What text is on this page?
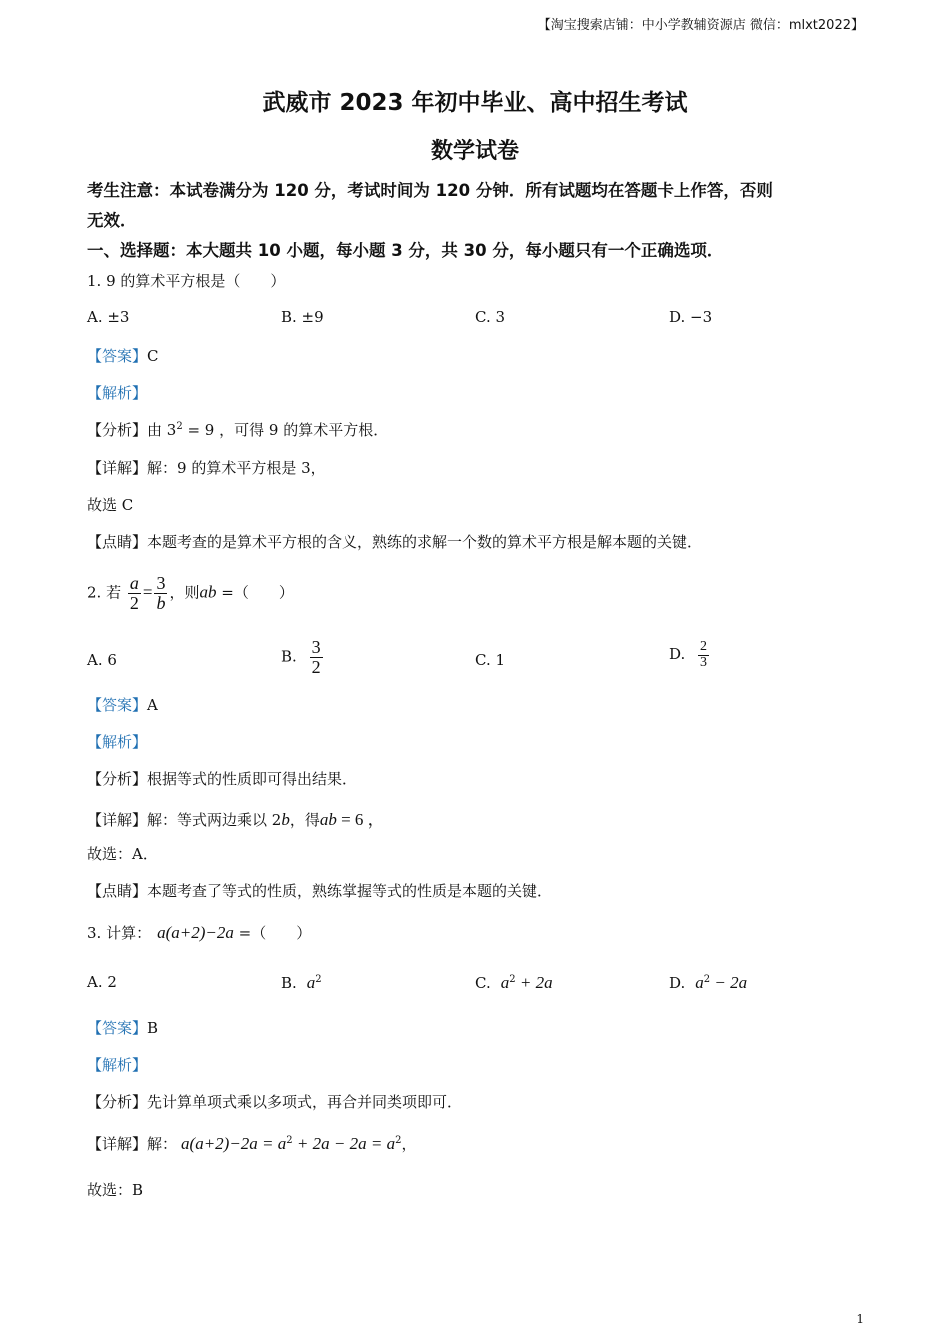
【淘宝搜索店铺：中小学教辅资源店 微信：mlxt2022】
武威市 2023 年初中毕业、高中招生考试
数学试卷
考生注意：本试卷满分为 120 分，考试时间为 120 分钟．所有试题均在答题卡上作答，否则
无效．
一、选择题：本大题共 10 小题，每小题 3 分，共 30 分，每小题只有一个正确选项．
1. 9 的算术平方根是（　　）
A. ±3	B. ±9	C. 3	D. −3
【答案】C
【解析】
【分析】由 $3^2 = 9$ ，可得 9 的算术平方根．
【详解】解：9 的算术平方根是 3，
故选 C
【点睛】本题考查的是算术平方根的含义，熟练的求解一个数的算术平方根是解本题的关键．
2. 若 $\frac{a}{2} = \frac{3}{b}$ ，则ab =（　　）
A. 6	B. $\frac{3}{2}$	C. 1	D. $\frac{2}{3}$
【答案】A
【解析】
【分析】根据等式的性质即可得出结果．
【详解】解：等式两边乘以 2b，得ab = 6 ，
故选：A．
【点睛】本题考查了等式的性质，熟练掌握等式的性质是本题的关键．
3. 计算： a(a+2)−2a =（　　）
A. 2	B. $a^2$	C. $a^2 + 2a$	D. $a^2 - 2a$
【答案】B
【解析】
【分析】先计算单项式乘以多项式，再合并同类项即可．
【详解】解： $a(a+2)-2a = a^2 + 2a - 2a = a^2$，
故选：B
1
